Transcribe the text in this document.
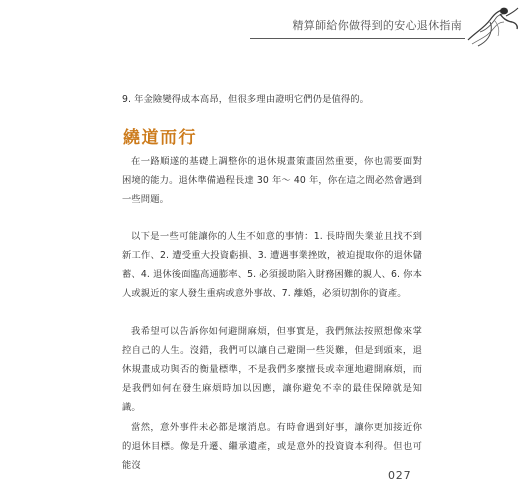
精算師給你做得到的安心退休指南
9. 年金險變得成本高昂，但很多理由證明它們仍是值得的。
繞道而行

在一路順遂的基礎上調整你的退休規畫策畫固然重要，你也需要面對困境的能力。退休準備過程長達 30 年～ 40 年，你在這之間必然會遇到一些問題。

以下是一些可能讓你的人生不如意的事情：1. 長時間失業並且找不到新工作、2. 遭受重大投資虧損、3. 遭遇事業挫敗，被迫提取你的退休儲蓄、4. 退休後面臨高通膨率、5. 必須援助陷入財務困難的親人、6. 你本人或親近的家人發生重病或意外事故、7. 離婚，必須切割你的資產。

我希望可以告訴你如何避開麻煩，但事實是，我們無法按照想像來掌控自己的人生。沒錯，我們可以讓自己避開一些災難，但是到頭來，退休規畫成功與否的衡量標準，不是我們多麼擅長或幸運地避開麻煩，而是我們如何在發生麻煩時加以因應，讓你避免不幸的最佳保障就是知識。

當然，意外事件未必都是壞消息。有時會遇到好事，讓你更加接近你的退休目標。像是升遷、繼承遺產，或是意外的投資資本利得。但也可能沒

027
